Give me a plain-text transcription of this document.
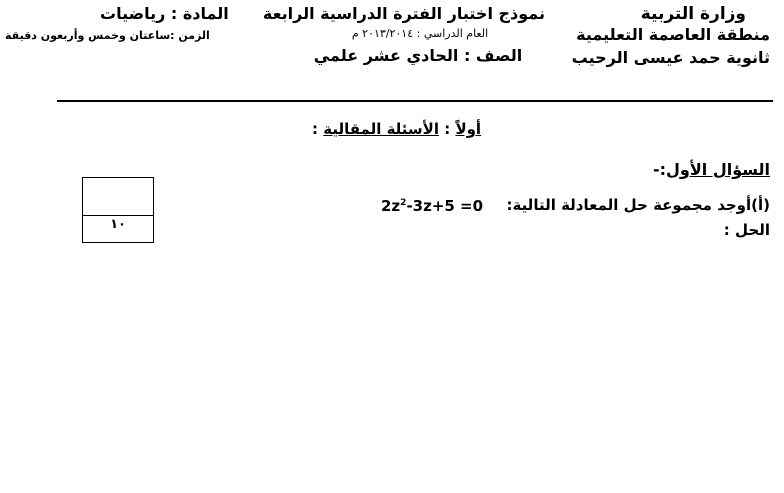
وزارة التربية
منطقة العاصمة التعليمية
ثانوية حمد عيسى الرحيب
نموذج اختبار الفترة الدراسية الرابعة
العام الدراسي : ٢٠١٣/٢٠١٤ م
الصف : الحادي عشر علمي
المادة : رياضيات
الزمن :ساعتان وخمس وأربعون دقيقة
أولاً : الأسئلة المقالية :
السؤال الأول:-
(أ)أوجد مجموعة حل المعادلة التالية:
$2z^2-3z+5 =0$
الحل :
١٠
